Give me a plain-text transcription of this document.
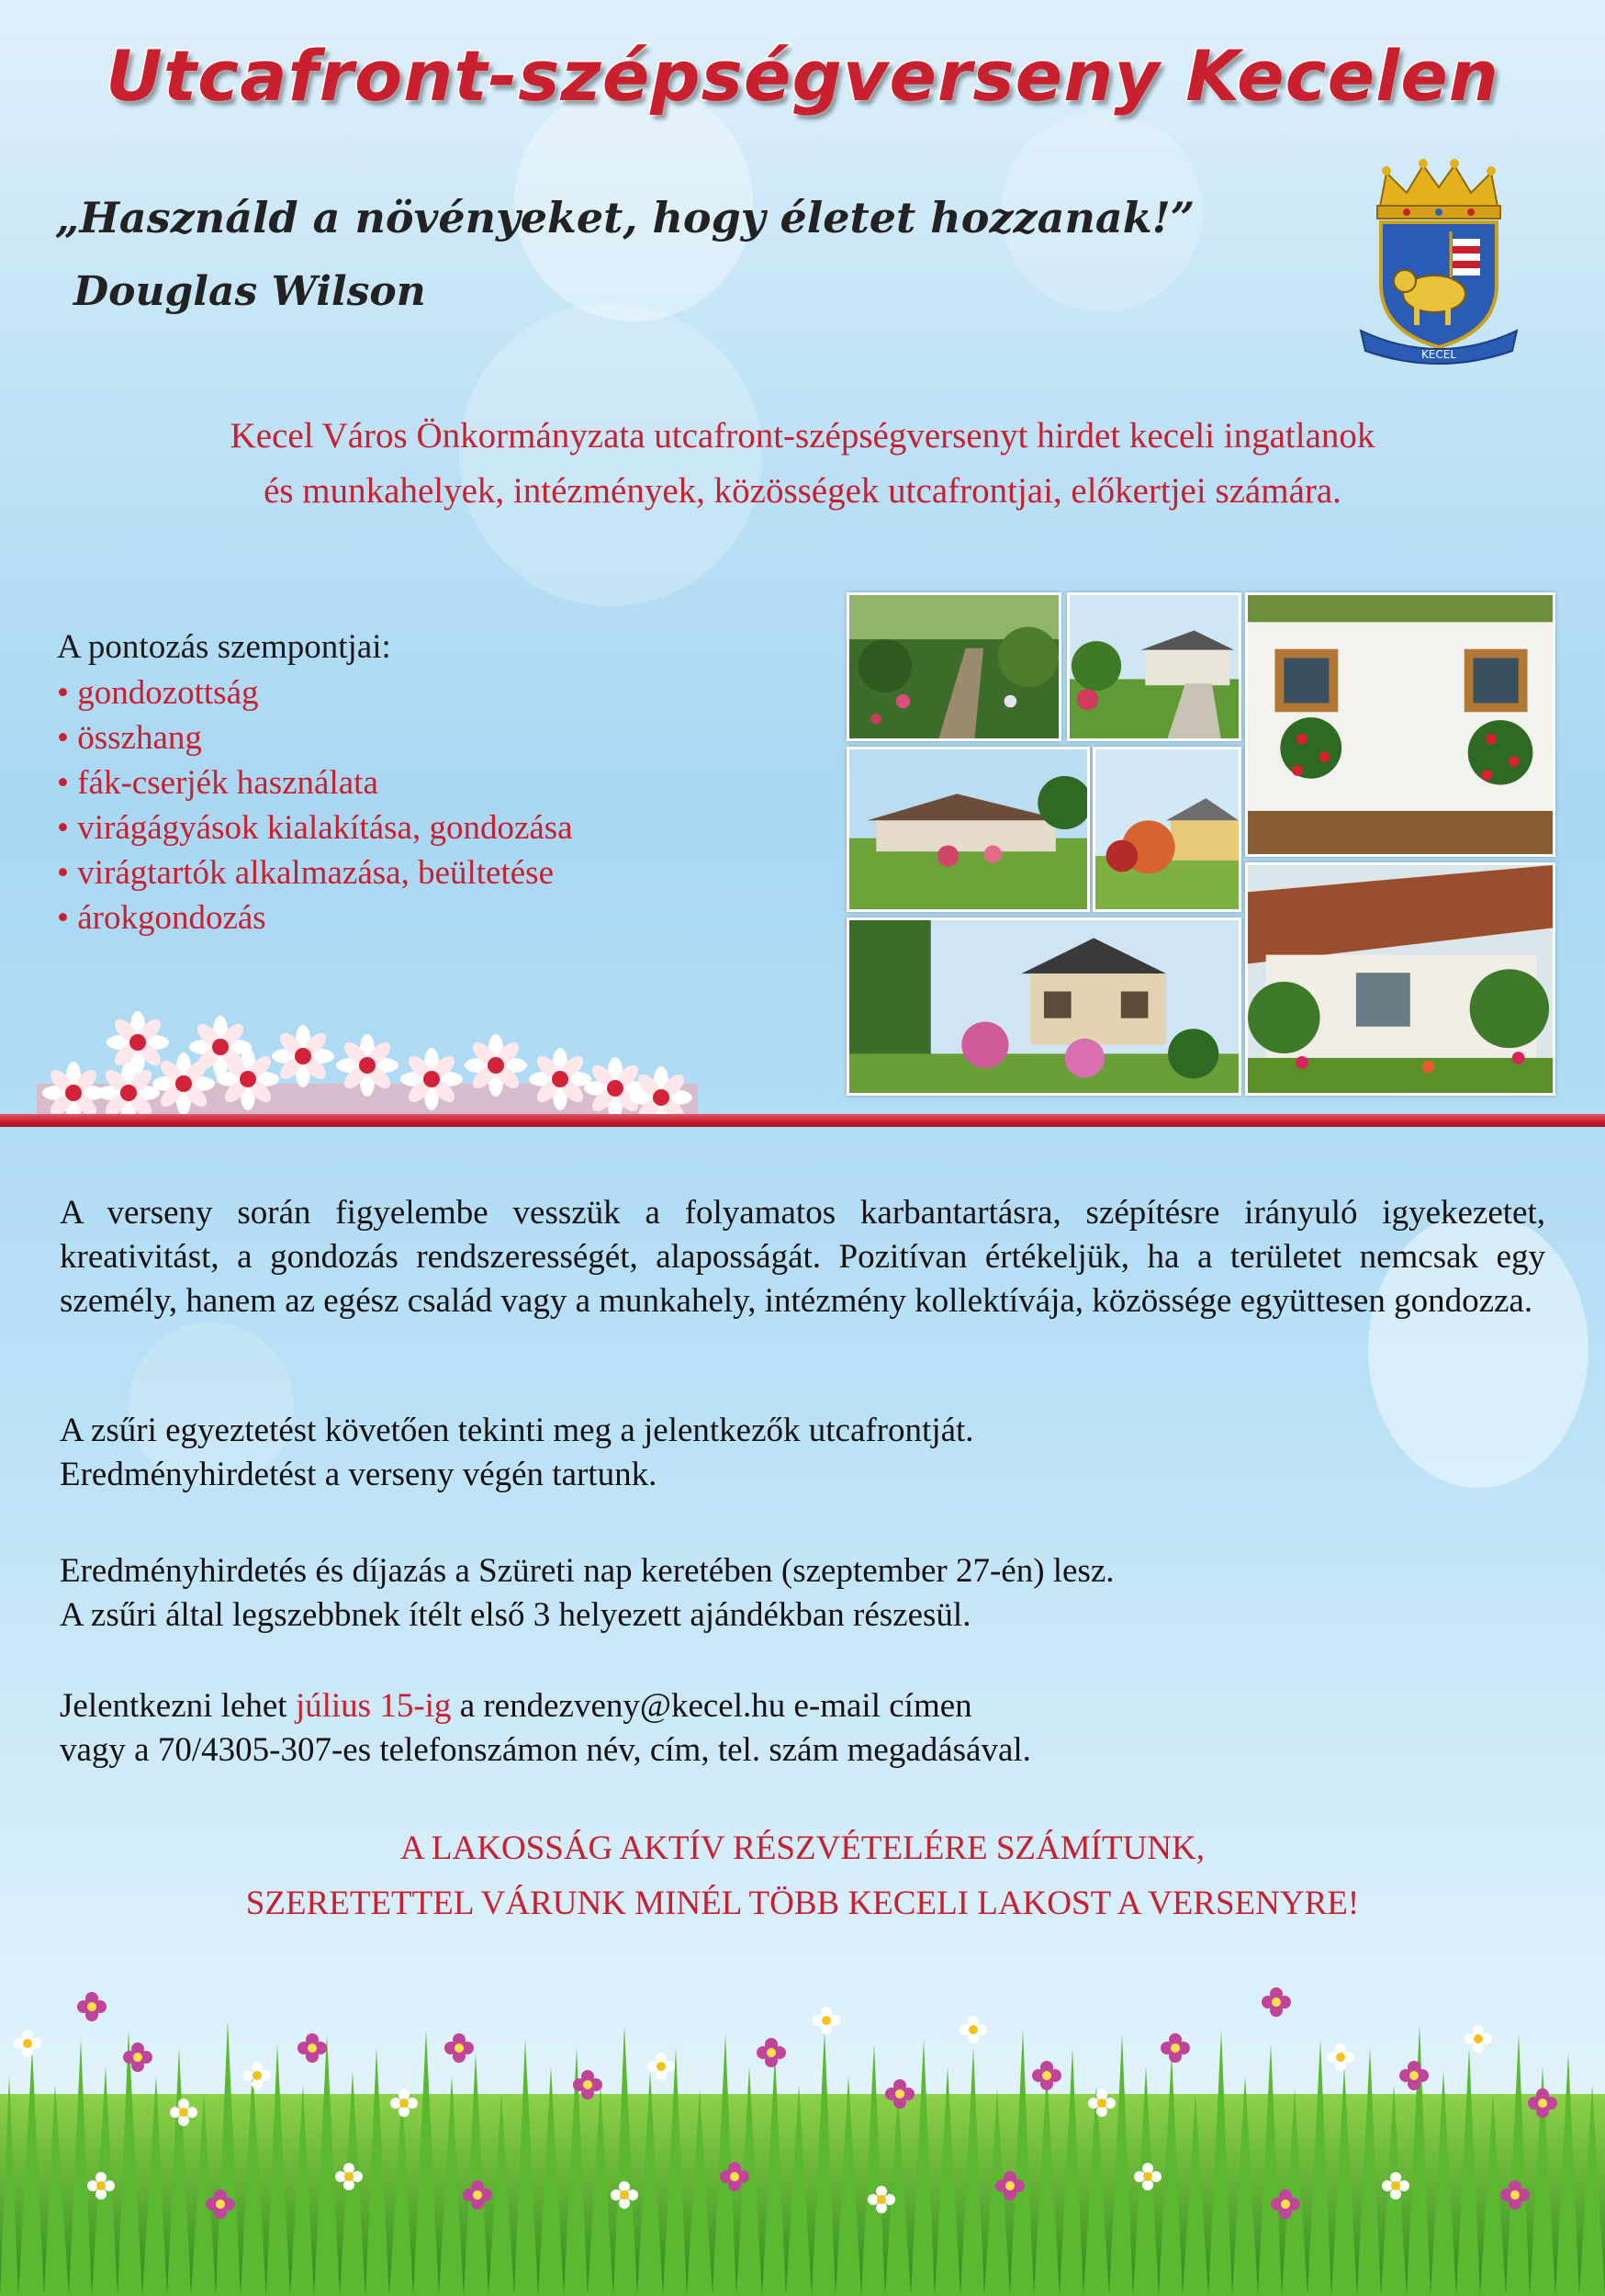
Utcafront-szépségverseny Kecelen
„Használd a növényeket, hogy életet hozzanak!”
Douglas Wilson
KECEL
Kecel Város Önkormányzata utcafront-szépségversenyt hirdet keceli ingatlanok
és munkahelyek, intézmények, közösségek utcafrontjai, előkertjei számára.
A pontozás szempontjai:
• gondozottság
• összhang
• fák-cserjék használata
• virágágyások kialakítása, gondozása
• virágtartók alkalmazása, beültetése
• árokgondozás
A verseny során figyelembe vesszük a folyamatos karbantartásra, szépítésre irányuló igyekezetet, kreativitást, a gondozás rendszerességét, alaposságát. Pozitívan értékeljük, ha a területet nemcsak egy személy, hanem az egész család vagy a munkahely, intézmény kollektívája, közössége együttesen gondozza.
A zsűri egyeztetést követően tekinti meg a jelentkezők utcafrontját.
Eredményhirdetést a verseny végén tartunk.
Eredményhirdetés és díjazás a Szüreti nap keretében (szeptember 27-én) lesz.
A zsűri által legszebbnek ítélt első 3 helyezett ajándékban részesül.
Jelentkezni lehet július 15-ig a rendezveny@kecel.hu e-mail címen
vagy a 70/4305-307-es telefonszámon név, cím, tel. szám megadásával.
A LAKOSSÁG AKTÍV RÉSZVÉTELÉRE SZÁMÍTUNK,
SZERETETTEL VÁRUNK MINÉL TÖBB KECELI LAKOST A VERSENYRE!
